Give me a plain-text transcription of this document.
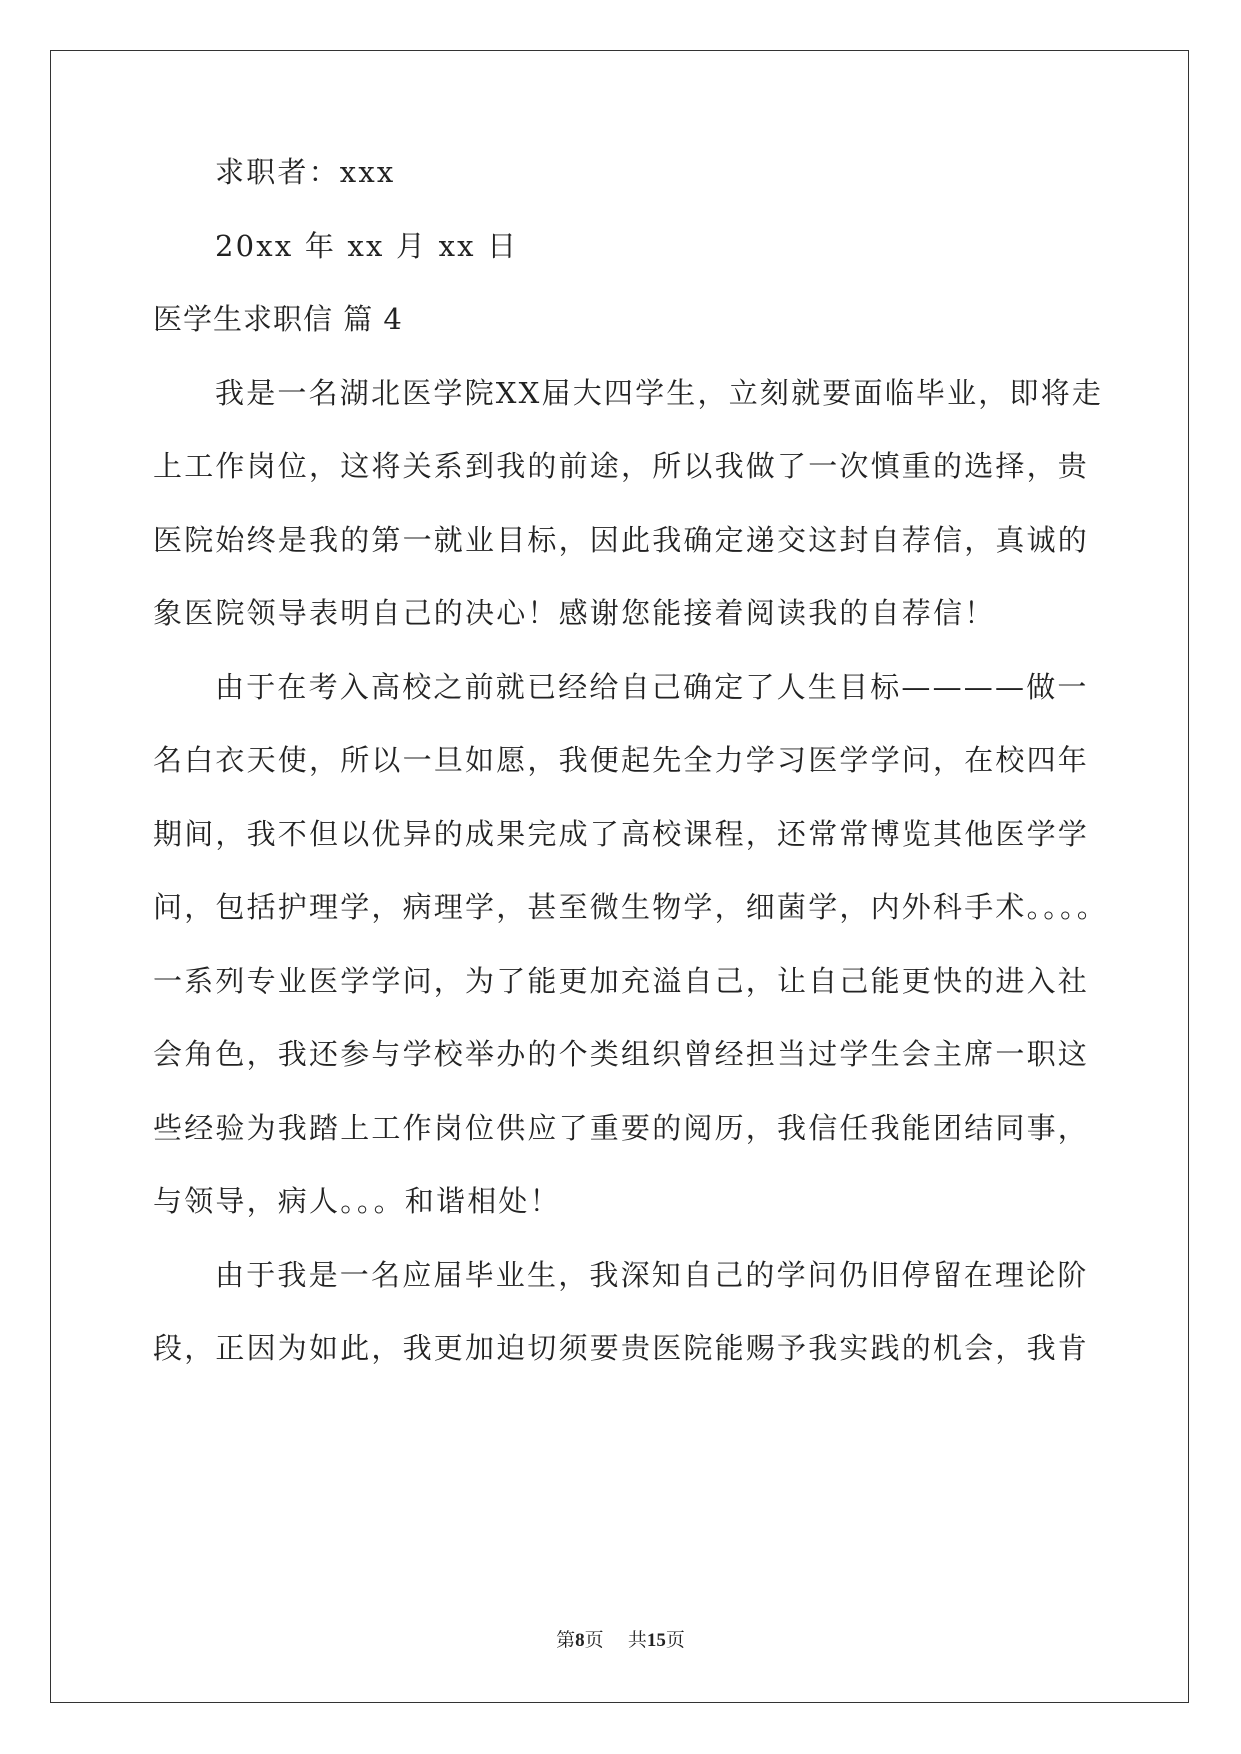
求职者：xxx
20xx 年 xx 月 xx 日
医学生求职信 篇 4
我是一名湖北医学院XX届大四学生，立刻就要面临毕业，即将走
上工作岗位，这将关系到我的前途，所以我做了一次慎重的选择，贵
医院始终是我的第一就业目标，因此我确定递交这封自荐信，真诚的
象医院领导表明自己的决心！感谢您能接着阅读我的自荐信！
由于在考入高校之前就已经给自己确定了人生目标————做一
名白衣天使，所以一旦如愿，我便起先全力学习医学学问，在校四年
期间，我不但以优异的成果完成了高校课程，还常常博览其他医学学
问，包括护理学，病理学，甚至微生物学，细菌学，内外科手术。。。。
一系列专业医学学问，为了能更加充溢自己，让自己能更快的进入社
会角色，我还参与学校举办的个类组织曾经担当过学生会主席一职这
些经验为我踏上工作岗位供应了重要的阅历，我信任我能团结同事，
与领导，病人。。。和谐相处！
由于我是一名应届毕业生，我深知自己的学问仍旧停留在理论阶
段，正因为如此，我更加迫切须要贵医院能赐予我实践的机会，我肯
第8页    共15页
